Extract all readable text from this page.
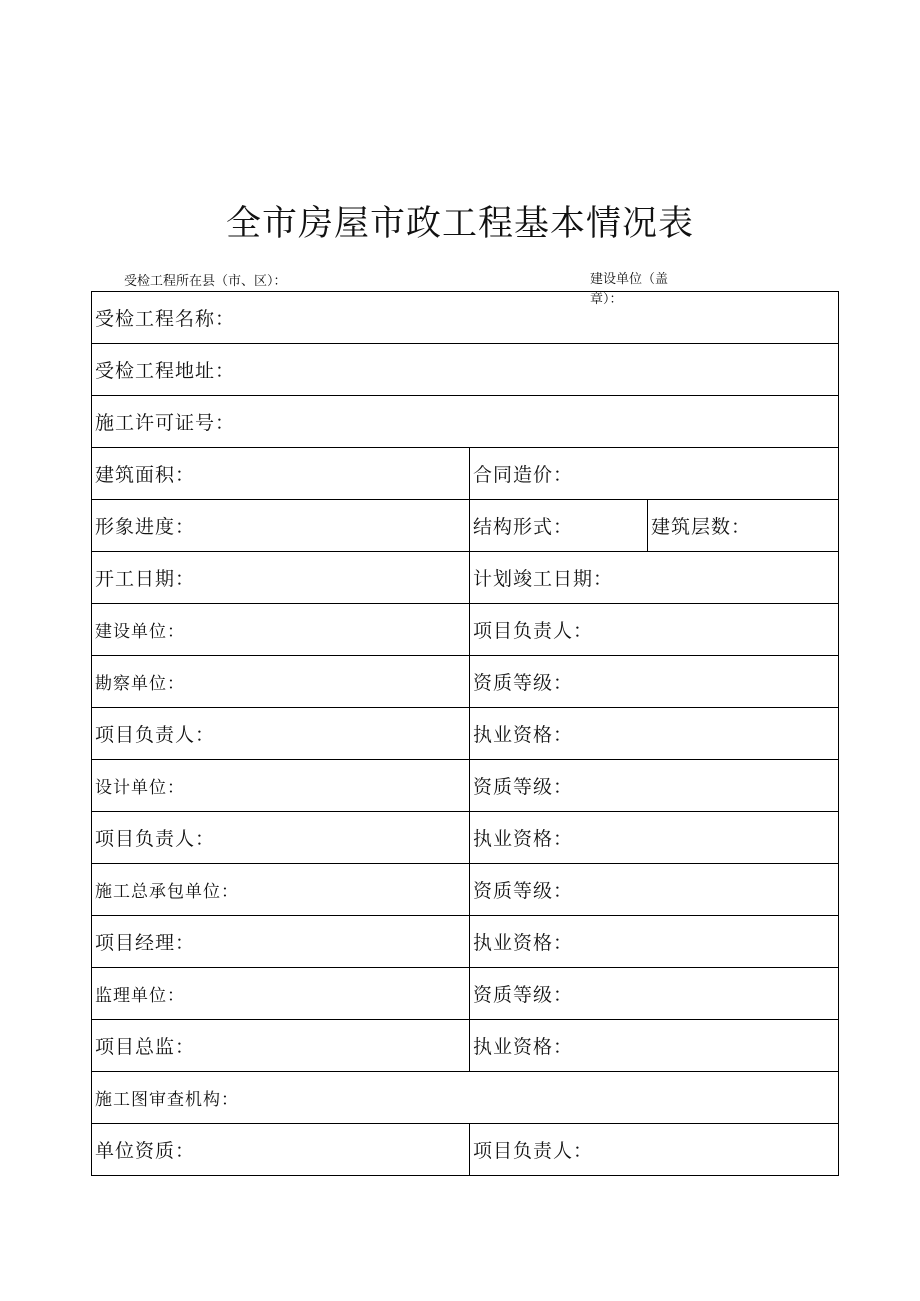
全市房屋市政工程基本情况表
受检工程所在县（市、区）：	建设单位（盖章）：
受检工程名称：		
受检工程地址：		
施工许可证号：		
建筑面积：	合同造价：	
形象进度：	结构形式：	建筑层数：
开工日期：	计划竣工日期：	
建设单位：	项目负责人：	
勘察单位：	资质等级：	
项目负责人：	执业资格：	
设计单位：	资质等级：	
项目负责人：	执业资格：	
施工总承包单位：	资质等级：	
项目经理：	执业资格：	
监理单位：	资质等级：	
项目总监：	执业资格：	
施工图审查机构：		
单位资质：	项目负责人：	
